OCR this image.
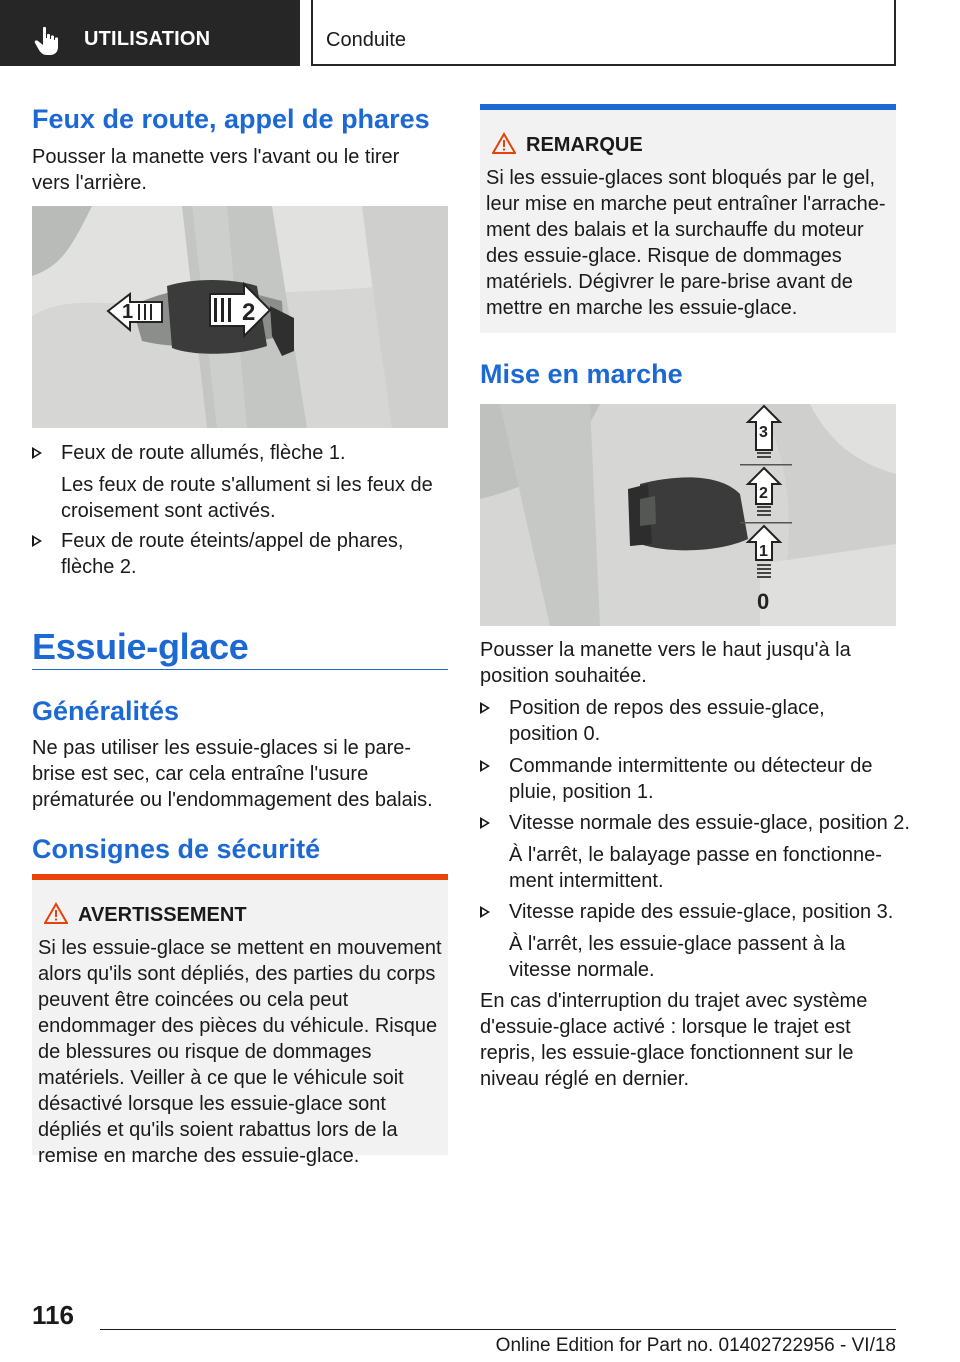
UTILISATION	Conduite
Feux de route, appel de phares

Pousser la manette vers l'avant ou le tirer vers l'arrière.

1	2
Feux de route allumés, flèche 1.
Les feux de route s'allument si les feux de croisement sont activés.
Feux de route éteints/appel de phares, flèche 2.
Essuie-glace
Généralités

Ne pas utiliser les essuie-glaces si le pare-brise est sec, car cela entraîne l'usure prématurée ou l'endommagement des balais.

Consignes de sécurité
AVERTISSEMENT
Si les essuie-glace se mettent en mouvement alors qu'ils sont dépliés, des parties du corps peuvent être coincées ou cela peut endommager des pièces du véhicule. Risque de blessures ou risque de dommages matériels. Veiller à ce que le véhicule soit désactivé lorsque les essuie-glace sont dépliés et qu'ils soient rabattus lors de la remise en marche des essuie-glace.
REMARQUE
Si les essuie-glaces sont bloqués par le gel, leur mise en marche peut entraîner l'arrachement des balais et la surchauffe du moteur des essuie-glace. Risque de dommages matériels. Dégivrer le pare-brise avant de mettre en marche les essuie-glace.
Mise en marche
3
2
1
0

Pousser la manette vers le haut jusqu'à la position souhaitée.

Position de repos des essuie-glace, position 0.
Commande intermittente ou détecteur de pluie, position 1.
Vitesse normale des essuie-glace, position 2.
À l'arrêt, le balayage passe en fonctionnement intermittent.
Vitesse rapide des essuie-glace, position 3.
À l'arrêt, les essuie-glace passent à la vitesse normale.

En cas d'interruption du trajet avec système d'essuie-glace activé : lorsque le trajet est repris, les essuie-glace fonctionnent sur le niveau réglé en dernier.

116
Online Edition for Part no. 01402722956 - VI/18
